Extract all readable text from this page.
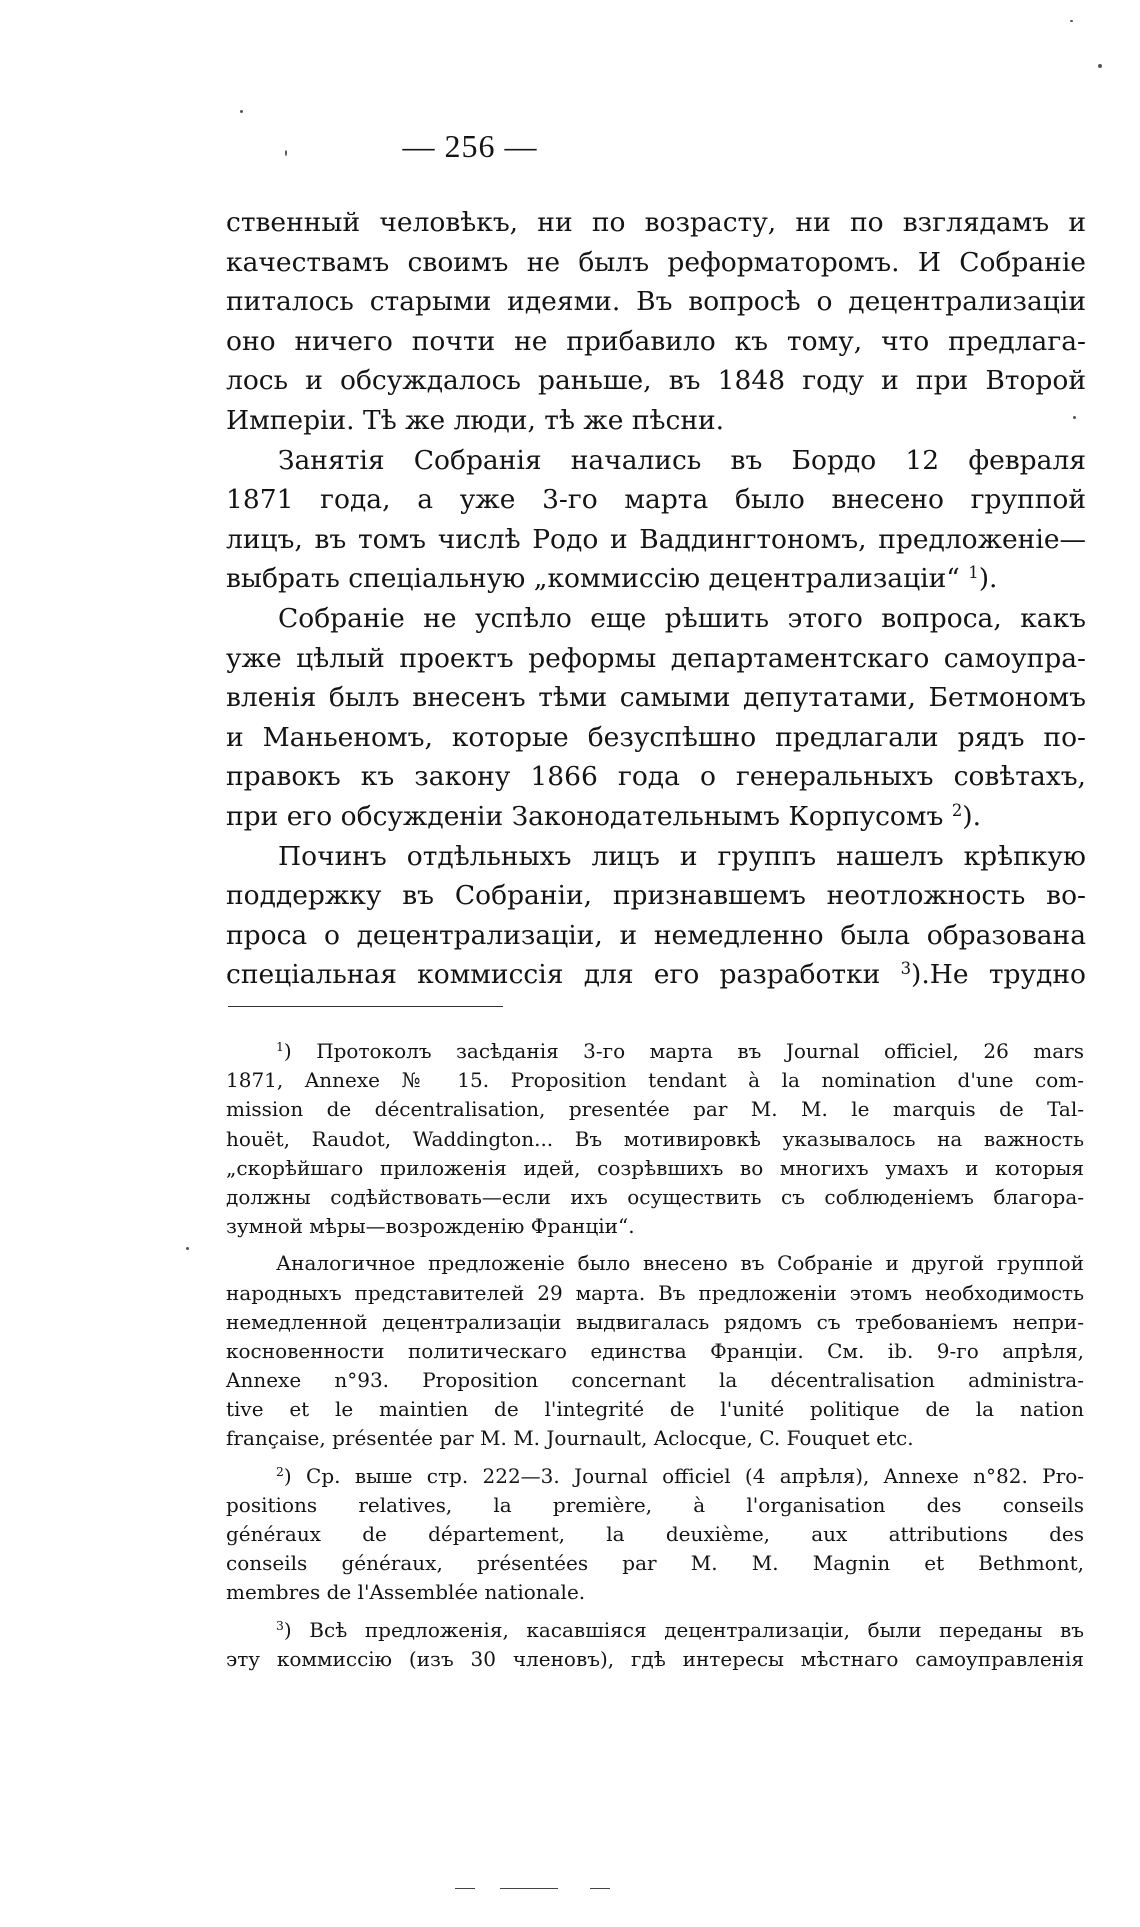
— 256 —
ственный человѣкъ, ни по возрасту, ни по взглядамъ и
качествамъ своимъ не былъ реформаторомъ. И Собраніе
питалось старыми идеями. Въ вопросѣ о децентрализаціи
оно ничего почти не прибавило къ тому, что предлага-
лось и обсуждалось раньше, въ 1848 году и при Второй
Имперіи. Тѣ же люди, тѣ же пѣсни.
Занятія Собранія начались въ Бордо 12 февраля
1871 года, а уже 3-го марта было внесено группой
лицъ, въ томъ числѣ Родо и Ваддингтономъ, предложеніе—
выбрать спеціальную „коммиссію децентрализаціи“ $^1$).
Собраніе не успѣло еще рѣшить этого вопроса, какъ
уже цѣлый проектъ реформы департаментскаго самоупра-
вленія былъ внесенъ тѣми самыми депутатами, Бетмономъ
и Маньеномъ, которые безуспѣшно предлагали рядъ по-
правокъ къ закону 1866 года о генеральныхъ совѣтахъ,
при его обсужденіи Законодательнымъ Корпусомъ $^2$).
Починъ отдѣльныхъ лицъ и группъ нашелъ крѣпкую
поддержку въ Собраніи, признавшемъ неотложность во-
проса о децентрализаціи, и немедленно была образована
спеціальная коммиссія для его разработки $^3$).Не трудно
$^1$) Протоколъ засѣданія 3-го марта въ Journal officiel, 26 mars
1871, Annexe № 15. Proposition tendant à la nomination d'une com-
mission de décentralisation, presentée par M. M. le marquis de Tal-
houët, Raudot, Waddington... Въ мотивировкѣ указывалось на важность
„скорѣйшаго приложенія идей, созрѣвшихъ во многихъ умахъ и которыя
должны содѣйствовать—если ихъ осуществить съ соблюденіемъ благора-
зумной мѣры—возрожденію Франціи“.
Аналогичное предложеніе было внесено въ Собраніе и другой группой
народныхъ представителей 29 марта. Въ предложеніи этомъ необходимость
немедленной децентрализаціи выдвигалась рядомъ съ требованіемъ непри-
косновенности политическаго единства Франціи. См. ib. 9-го апрѣля,
Annexe n°93. Proposition concernant la décentralisation administra-
tive et le maintien de l'integrité de l'unité politique de la nation
française, présentée par M. M. Journault, Aclocque, C. Fouquet etc.
$^2$) Ср. выше стр. 222—3. Journal officiel (4 апрѣля), Annexe n°82. Pro-
positions relatives, la première, à l'organisation des conseils
généraux de département, la deuxième, aux attributions des
conseils généraux, présentées par M. M. Magnin et Bethmont,
membres de l'Assemblée nationale.
$^3$) Всѣ предложенія, касавшіяся децентрализаціи, были переданы въ
эту коммиссію (изъ 30 членовъ), гдѣ интересы мѣстнаго самоуправленія
